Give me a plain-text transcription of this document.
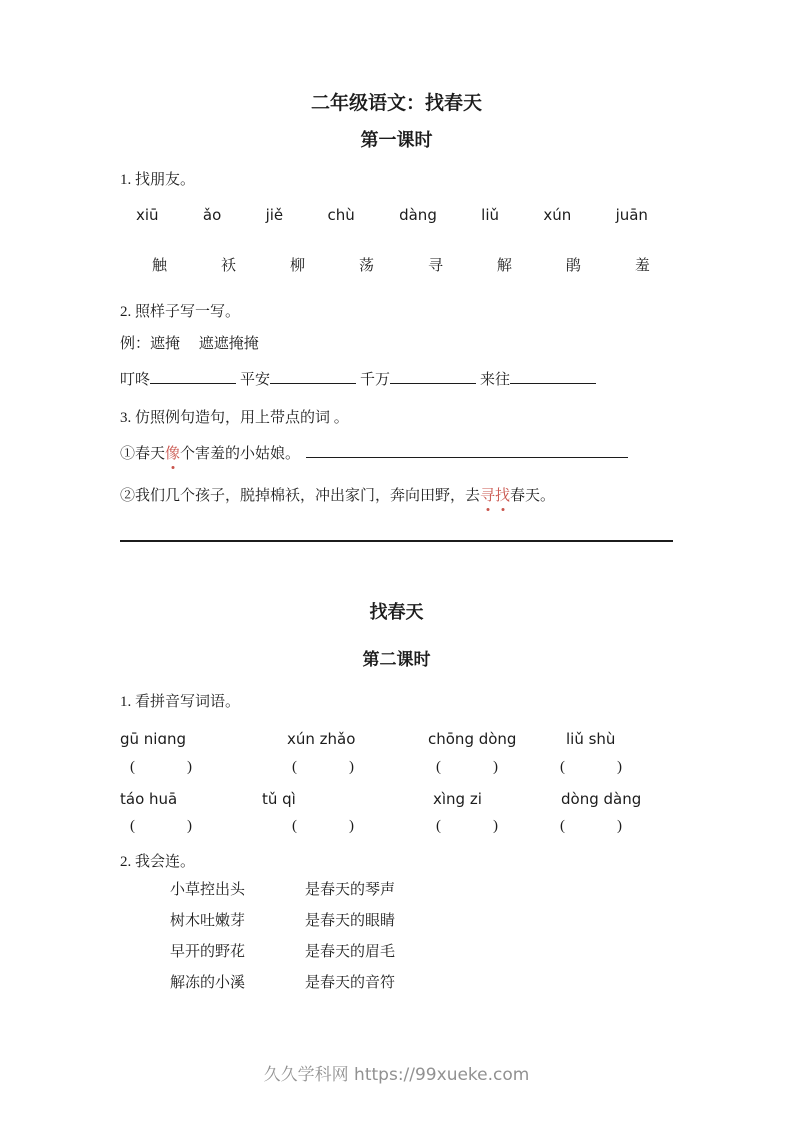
二年级语文：找春天
第一课时
1. 找朋友。
xiū	ǎo	jiě	chù	dàng	liǔ	xún	juān
触	袄	柳	荡	寻	解	鹃	羞
2. 照样子写一写。
例：遮掩　 遮遮掩掩
叮咚	平安	千万	来往
3. 仿照例句造句，用上带点的词 。
①春天像个害羞的小姑娘。
②我们几个孩子，脱掉棉袄，冲出家门，奔向田野，去寻找春天。
找春天
第二课时
1. 看拼音写词语。
gū niɑng	xún zhǎo	chōng dòng	liǔ shù
(	)	(	)	(	)	(	)
táo huā	tǔ qì	xìng zi	dòng dàng
(	)	(	)	(	)	(	)
2. 我会连。
小草控出头	是春天的琴声
树木吐嫩芽	是春天的眼睛
早开的野花	是春天的眉毛
解冻的小溪	是春天的音符
久久学科网 https://99xueke.com
